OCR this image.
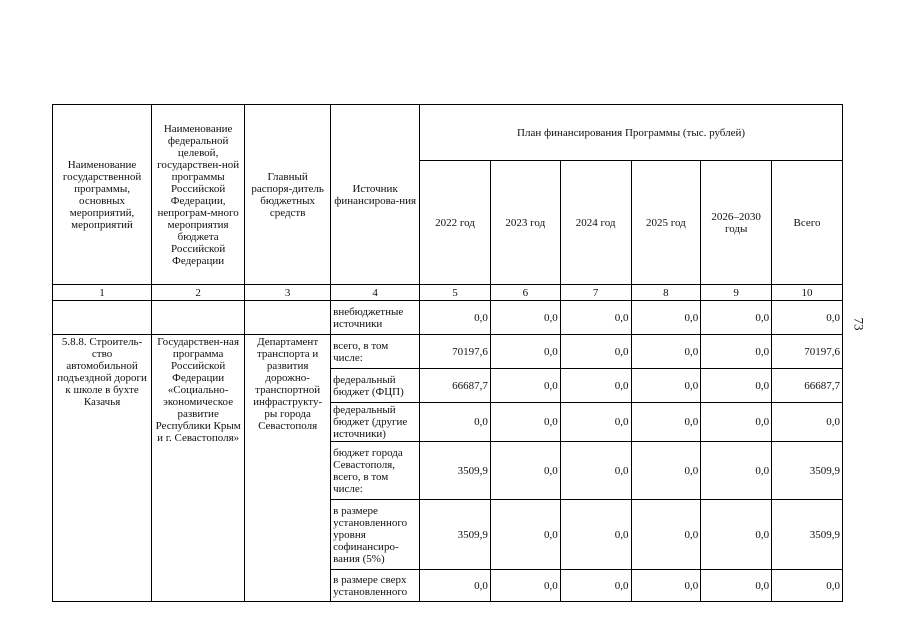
73
Наименование государственной программы, основных мероприятий, мероприятий	Наименование федеральной целевой, государствен-ной программы Российской Федерации, непрограм-много мероприятия бюджета Российской Федерации	Главный распоря-дитель бюджетных средств	Источник финансирова-ния	План финансирования Программы (тыс. рублей)					
				2022 год	2023 год	2024 год	2025 год	2026–2030 годы	Всего
1	2	3	4	5	6	7	8	9	10
			внебюджетные источники	0,0	0,0	0,0	0,0	0,0	0,0
5.8.8. Строитель-ство автомобильной подъездной дороги к школе в бухте Казачья	Государствен-ная программа Российской Федерации «Социально-экономическое развитие Республики Крым и г. Севастополя»	Департамент транспорта и развития дорожно-транспортной инфраструкту-ры города Севастополя	всего, в том числе:	70197,6	0,0	0,0	0,0	0,0	70197,6
			федеральный бюджет (ФЦП)	66687,7	0,0	0,0	0,0	0,0	66687,7
			федеральный бюджет (другие источники)	0,0	0,0	0,0	0,0	0,0	0,0
			бюджет города Севастополя, всего, в том числе:	3509,9	0,0	0,0	0,0	0,0	3509,9
			в размере установленного уровня софинансиро-вания (5%)	3509,9	0,0	0,0	0,0	0,0	3509,9
			в размере сверх установленного	0,0	0,0	0,0	0,0	0,0	0,0
